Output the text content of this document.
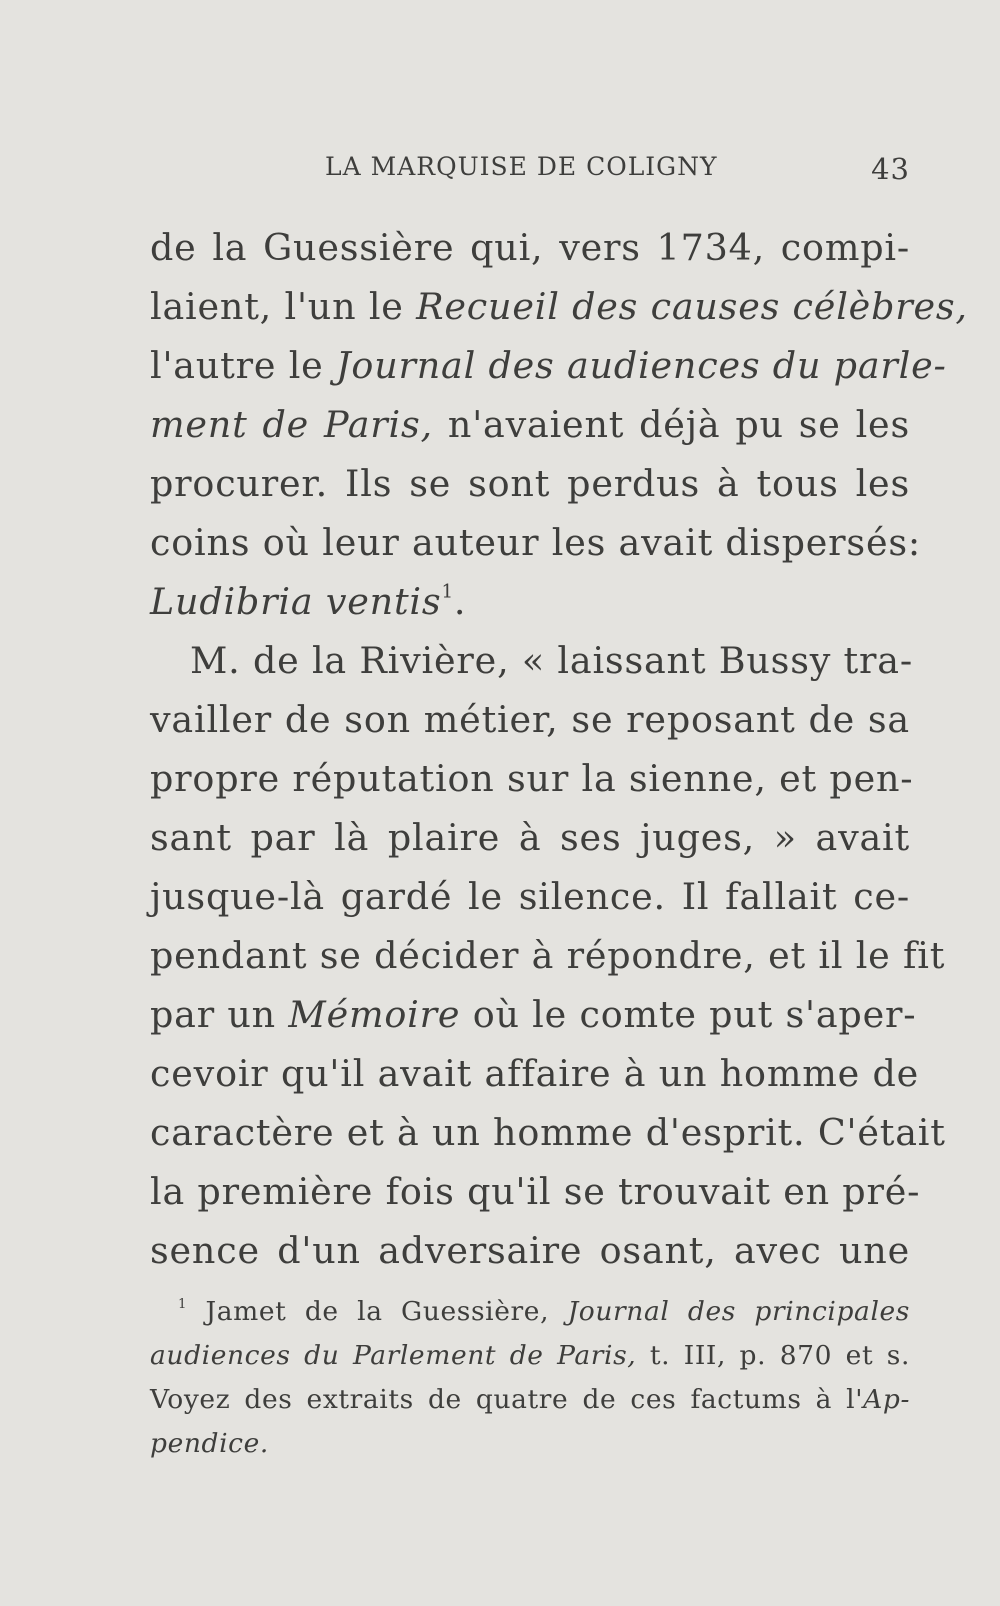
LA MARQUISE DE COLIGNY	43
de la Guessière qui, vers 1734, compi-
laient, l'un le Recueil des causes célèbres,
l'autre le Journal des audiences du parle-
ment de Paris, n'avaient déjà pu se les
procurer. Ils se sont perdus à tous les
coins où leur auteur les avait dispersés:
Ludibria ventis$^1$.
M. de la Rivière, « laissant Bussy tra-
vailler de son métier, se reposant de sa
propre réputation sur la sienne, et pen-
sant par là plaire à ses juges, » avait
jusque-là gardé le silence. Il fallait ce-
pendant se décider à répondre, et il le fit
par un Mémoire où le comte put s'aper-
cevoir qu'il avait affaire à un homme de
caractère et à un homme d'esprit. C'était
la première fois qu'il se trouvait en pré-
sence d'un adversaire osant, avec une
$^1$ Jamet de la Guessière, Journal des principales
audiences du Parlement de Paris, t. III, p. 870 et s.
Voyez des extraits de quatre de ces factums à l'Ap-
pendice.
